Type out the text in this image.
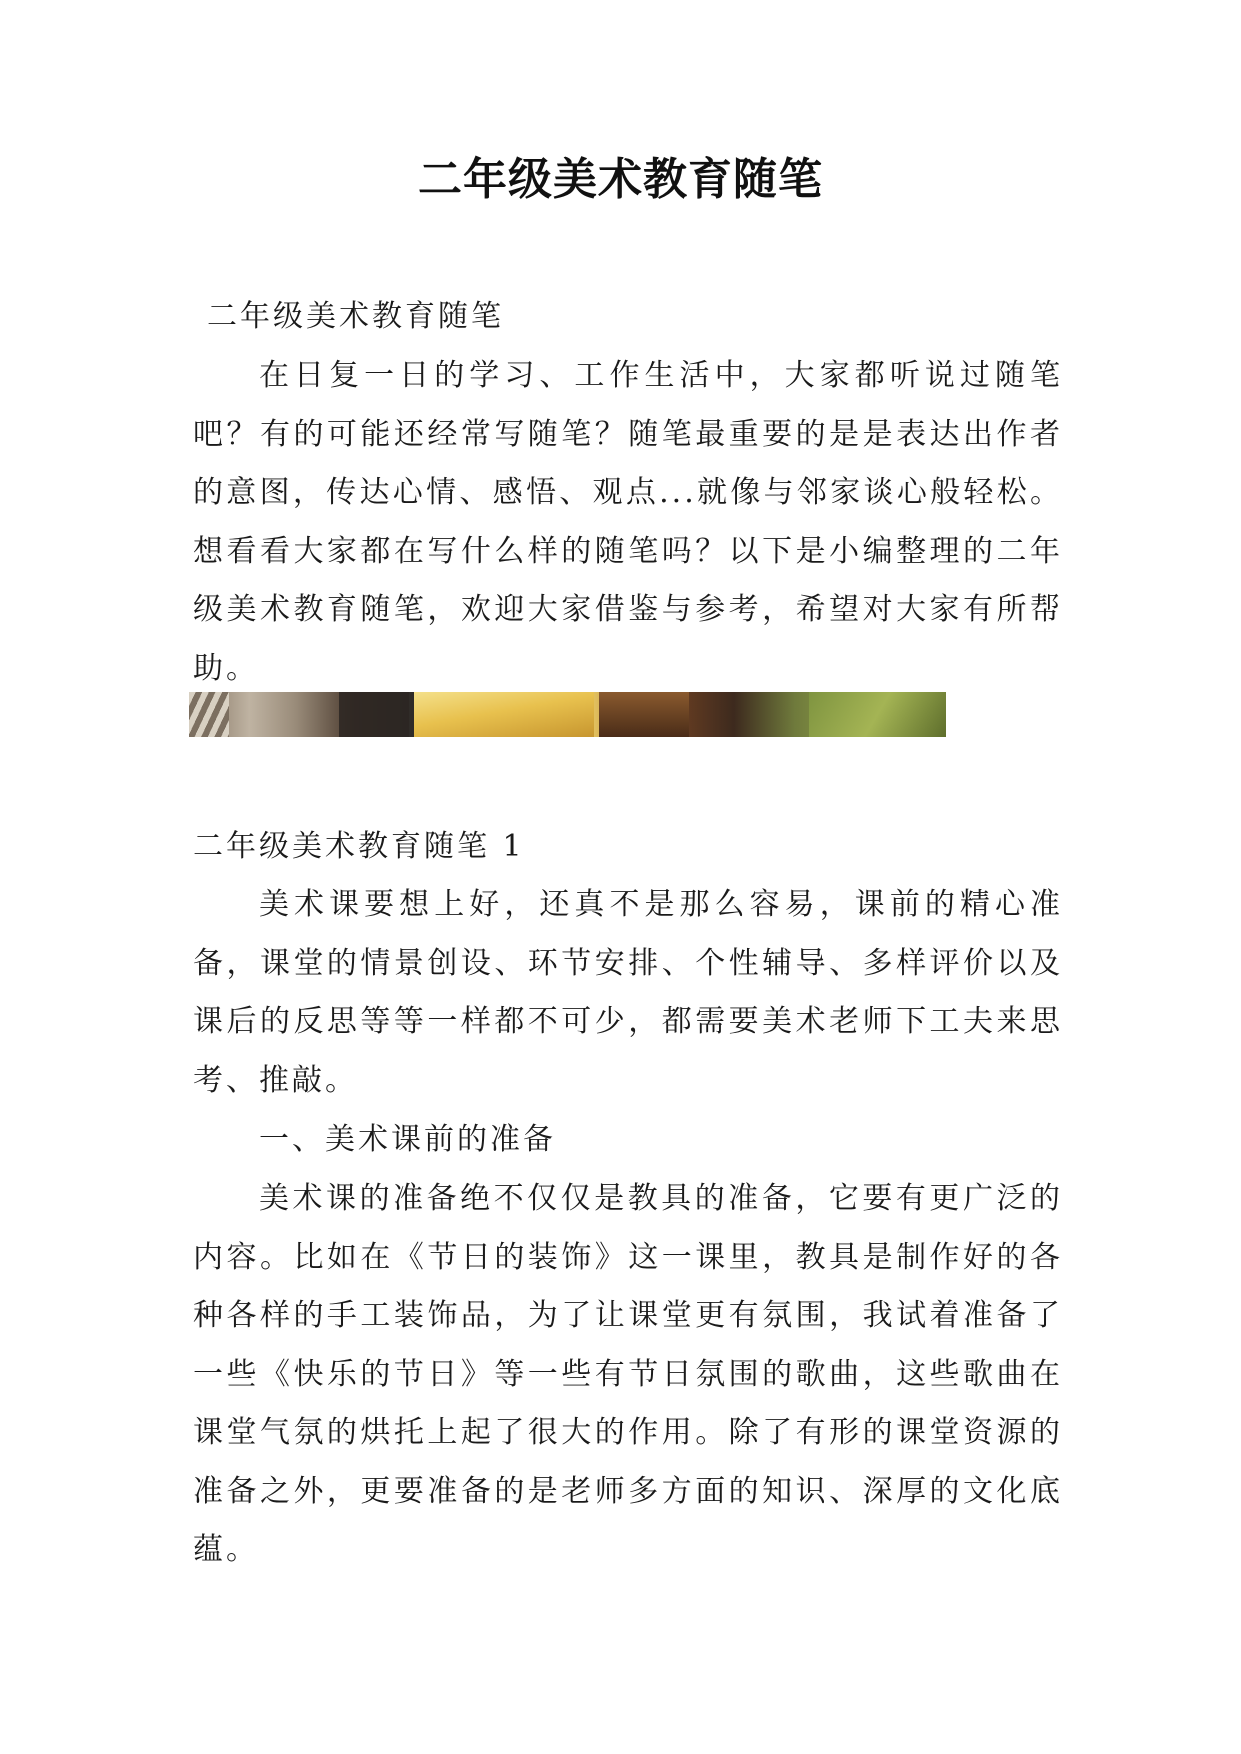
二年级美术教育随笔
二年级美术教育随笔
在日复一日的学习、工作生活中，大家都听说过随笔吧？有的可能还经常写随笔？随笔最重要的是是表达出作者的意图，传达心情、感悟、观点...就像与邻家谈心般轻松。想看看大家都在写什么样的随笔吗？以下是小编整理的二年级美术教育随笔，欢迎大家借鉴与参考，希望对大家有所帮助。
二年级美术教育随笔 1
美术课要想上好，还真不是那么容易，课前的精心准备，课堂的情景创设、环节安排、个性辅导、多样评价以及课后的反思等等一样都不可少，都需要美术老师下工夫来思考、推敲。
一、美术课前的准备
美术课的准备绝不仅仅是教具的准备，它要有更广泛的内容。比如在《节日的装饰》这一课里，教具是制作好的各种各样的手工装饰品，为了让课堂更有氛围，我试着准备了一些《快乐的节日》等一些有节日氛围的歌曲，这些歌曲在课堂气氛的烘托上起了很大的作用。除了有形的课堂资源的准备之外，更要准备的是老师多方面的知识、深厚的文化底蕴。
